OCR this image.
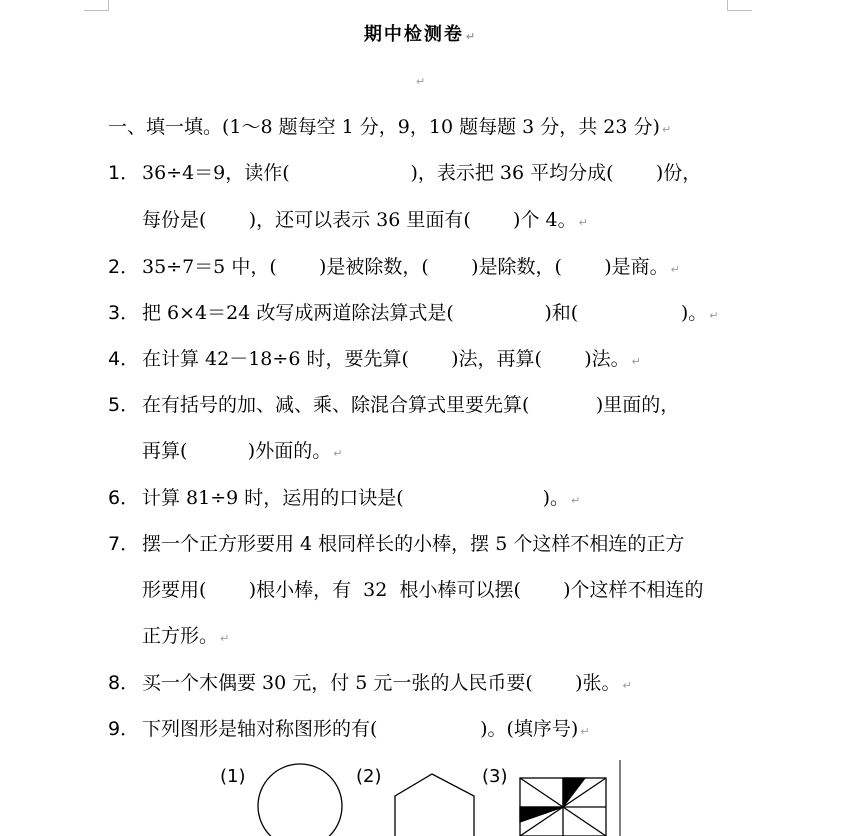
期中检测卷 ↵
↵
一、填一填。(1～8 题每空 1 分，9，10 题每题 3 分，共 23 分) ↵
1． 36÷4＝9，读作(                    )，表示把 36 平均分成(       )份，
每份是(       )，还可以表示 36 里面有(       )个 4。 ↵
2． 35÷7＝5 中，(       )是被除数，(       )是除数，(       )是商。 ↵
3． 把 6×4＝24 改写成两道除法算式是(               )和(                 )。 ↵
4． 在计算 42－18÷6 时，要先算(       )法，再算(       )法。 ↵
5． 在有括号的加、减、乘、除混合算式里要先算(           )里面的，
再算(          )外面的。 ↵
6． 计算 81÷9 时，运用的口诀是(                       )。 ↵
7． 摆一个正方形要用 4 根同样长的小棒，摆 5 个这样不相连的正方
形要用(       )根小棒，有  32  根小棒可以摆(       )个这样不相连的
正方形。 ↵
8． 买一个木偶要 30 元，付 5 元一张的人民币要(       )张。 ↵
9． 下列图形是轴对称图形的有(                 )。(填序号) ↵
(1)	(2)	(3)
